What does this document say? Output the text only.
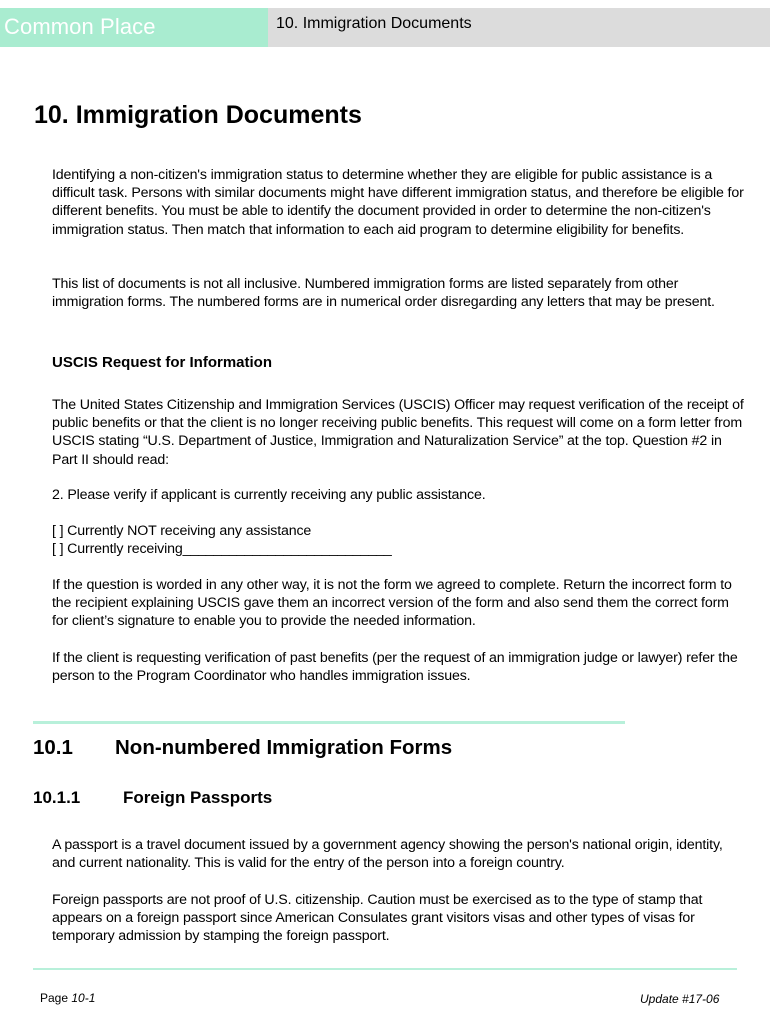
Common Place	10. Immigration Documents
10. Immigration Documents

Identifying a non-citizen's immigration status to determine whether they are eligible for public assistance is a difficult task. Persons with similar documents might have different immigration status, and therefore be eligible for different benefits. You must be able to identify the document provided in order to determine the non-citizen's immigration status. Then match that information to each aid program to determine eligibility for benefits.

This list of documents is not all inclusive. Numbered immigration forms are listed separately from other immigration forms. The numbered forms are in numerical order disregarding any letters that may be present.

USCIS Request for Information

The United States Citizenship and Immigration Services (USCIS) Officer may request verification of the receipt of public benefits or that the client is no longer receiving public benefits. This request will come on a form letter from USCIS stating “U.S. Department of Justice, Immigration and Naturalization Service” at the top. Question #2 in Part II should read:

2. Please verify if applicant is currently receiving any public assistance.

[ ] Currently NOT receiving any assistance

[ ] Currently receiving___________________________

If the question is worded in any other way, it is not the form we agreed to complete. Return the incorrect form to the recipient explaining USCIS gave them an incorrect version of the form and also send them the correct form for client’s signature to enable you to provide the needed information.

If the client is requesting verification of past benefits (per the request of an immigration judge or lawyer) refer the person to the Program Coordinator who handles immigration issues.

10.1 Non-numbered Immigration Forms
10.1.1	Foreign Passports

A passport is a travel document issued by a government agency showing the person's national origin, identity, and current nationality. This is valid for the entry of the person into a foreign country.

Foreign passports are not proof of U.S. citizenship. Caution must be exercised as to the type of stamp that appears on a foreign passport since American Consulates grant visitors visas and other types of visas for temporary admission by stamping the foreign passport.

Page 10-1	Update #17-06
